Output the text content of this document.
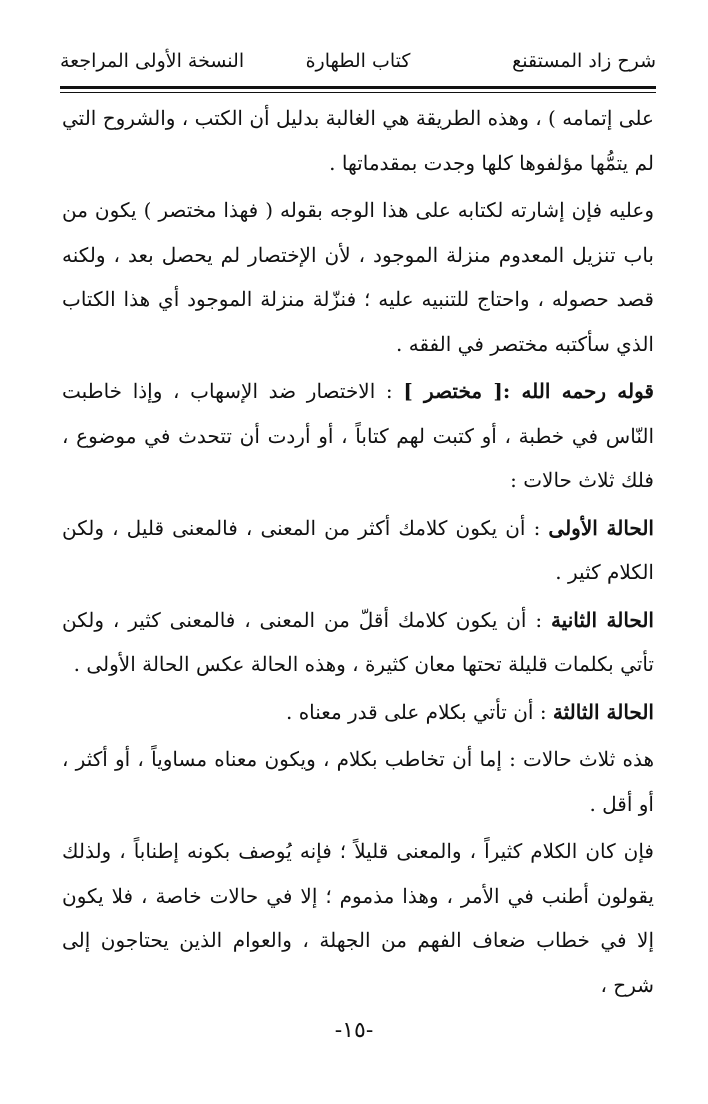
شرح زاد المستقنع
كتاب الطهارة
النسخة الأولى المراجعة

على إتمامه ) ، وهذه الطريقة هي الغالبة بدليل أن الكتب ، والشروح التي لم يتمُّها مؤلفوها كلها وجدت بمقدماتها .

وعليه فإن إشارته لكتابه على هذا الوجه بقوله ( فهذا مختصر ) يكون من باب تنزيل المعدوم منزلة الموجود ، لأن الإختصار لم يحصل بعد ، ولكنه قصد حصوله ، واحتاج للتنبيه عليه ؛ فنزّلة منزلة الموجود أي هذا الكتاب الذي سأكتبه مختصر في الفقه .

قوله رحمه الله :[ مختصر ] : الاختصار ضد الإسهاب ، وإذا خاطبت النّاس في خطبة ، أو كتبت لهم كتاباً ، أو أردت أن تتحدث في موضوع ، فلك ثلاث حالات :

الحالة الأولى : أن يكون كلامك أكثر من المعنى ، فالمعنى قليل ، ولكن الكلام كثير .

الحالة الثانية : أن يكون كلامك أقلّ من المعنى ، فالمعنى كثير ، ولكن تأتي بكلمات قليلة تحتها معان كثيرة ، وهذه الحالة عكس الحالة الأولى .

الحالة الثالثة : أن تأتي بكلام على قدر معناه .

هذه ثلاث حالات : إما أن تخاطب بكلام ، ويكون معناه مساوياً ، أو أكثر ، أو أقل .

فإن كان الكلام كثيراً ، والمعنى قليلاً ؛ فإنه يُوصف بكونه إطناباً ، ولذلك يقولون أطنب في الأمر ، وهذا مذموم ؛ إلا في حالات خاصة ، فلا يكون إلا في خطاب ضعاف الفهم من الجهلة ، والعوام الذين يحتاجون إلى شرح ،

-١٥-
